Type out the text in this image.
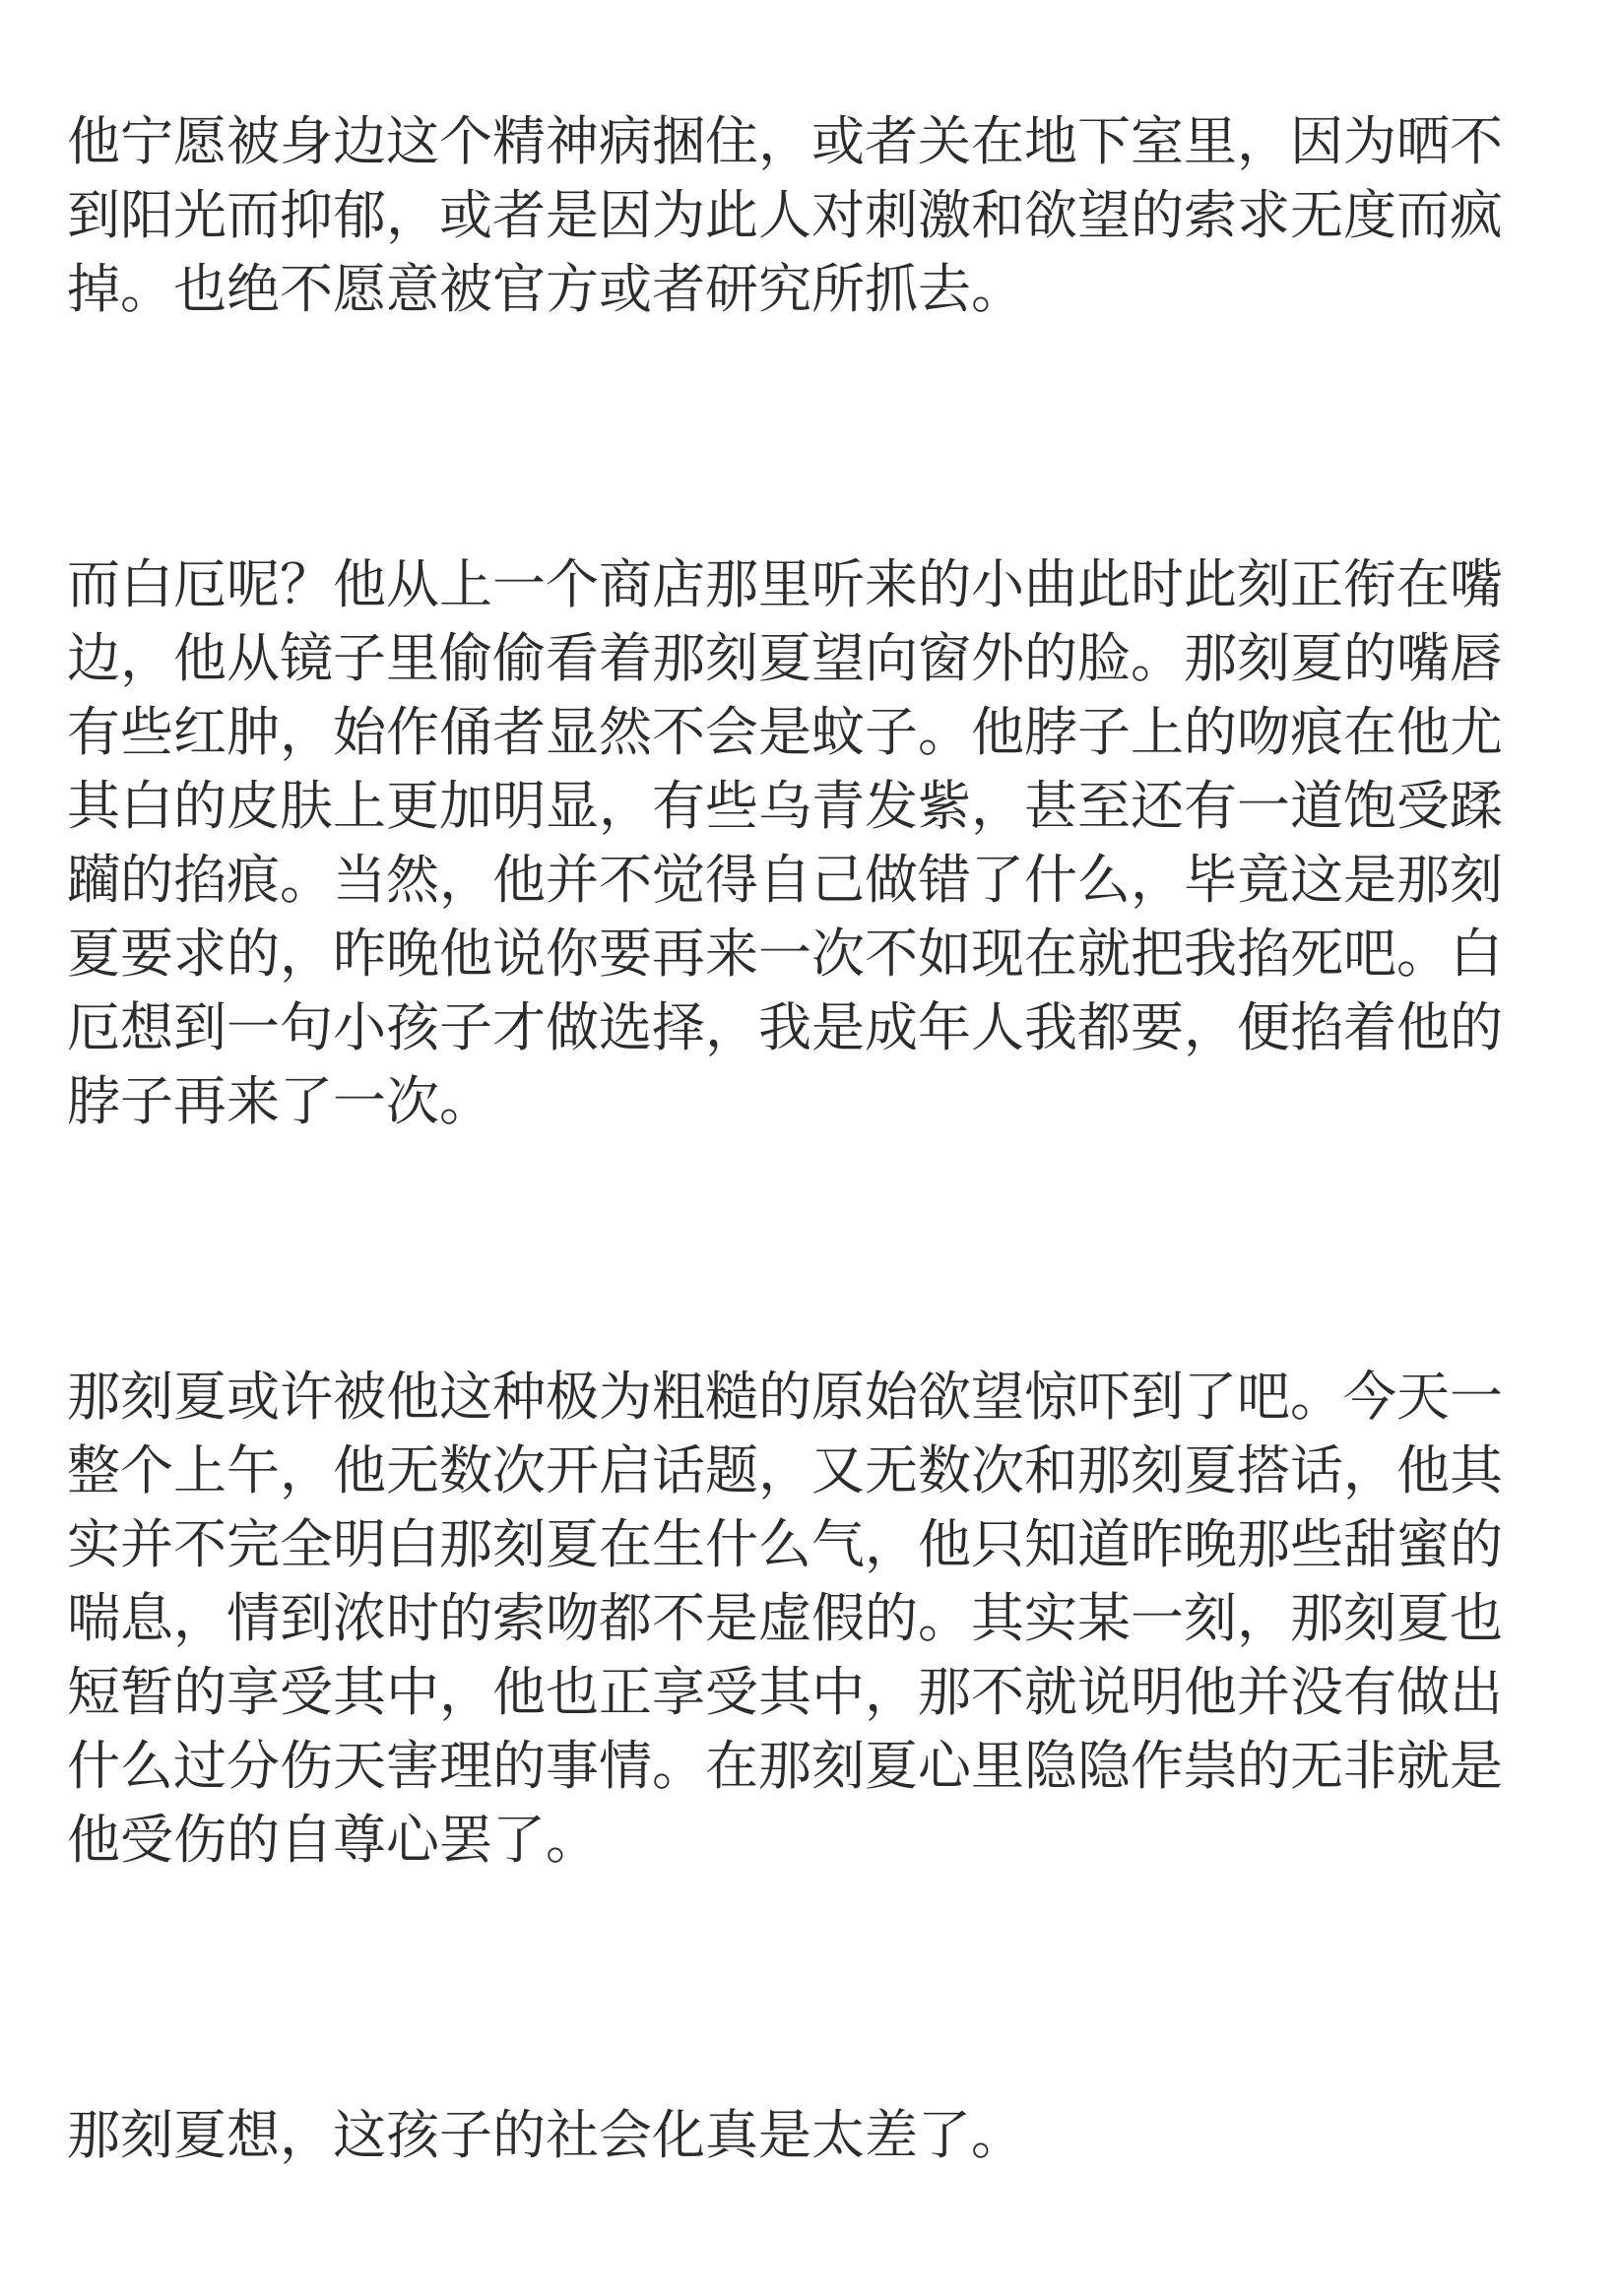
他宁愿被身边这个精神病捆住，或者关在地下室里，因为晒不到阳光而抑郁，或者是因为此人对刺激和欲望的索求无度而疯掉。也绝不愿意被官方或者研究所抓去。

而白厄呢？他从上一个商店那里听来的小曲此时此刻正衔在嘴边，他从镜子里偷偷看着那刻夏望向窗外的脸。那刻夏的嘴唇有些红肿，始作俑者显然不会是蚊子。他脖子上的吻痕在他尤其白的皮肤上更加明显，有些乌青发紫，甚至还有一道饱受蹂躏的掐痕。当然，他并不觉得自己做错了什么，毕竟这是那刻夏要求的，昨晚他说你要再来一次不如现在就把我掐死吧。白厄想到一句小孩子才做选择，我是成年人我都要，便掐着他的脖子再来了一次。

那刻夏或许被他这种极为粗糙的原始欲望惊吓到了吧。今天一整个上午，他无数次开启话题，又无数次和那刻夏搭话，他其实并不完全明白那刻夏在生什么气，他只知道昨晚那些甜蜜的喘息，情到浓时的索吻都不是虚假的。其实某一刻，那刻夏也短暂的享受其中，他也正享受其中，那不就说明他并没有做出什么过分伤天害理的事情。在那刻夏心里隐隐作祟的无非就是他受伤的自尊心罢了。

那刻夏想，这孩子的社会化真是太差了。
